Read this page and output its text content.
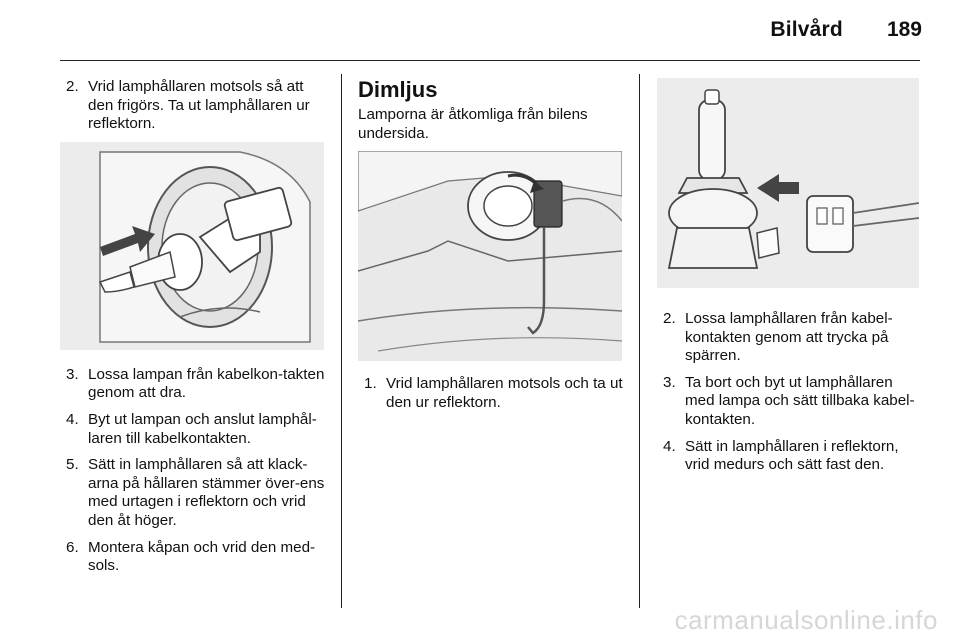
Bilvård 189
2. Vrid lamphållaren motsols så att den frigörs. Ta ut lamphållaren ur reflektorn.
3. Lossa lampan från kabelkon-takten genom att dra.
4. Byt ut lampan och anslut lamphål-laren till kabelkontakten.
5. Sätt in lamphållaren så att klack-arna på hållaren stämmer över-ens med urtagen i reflektorn och vrid den åt höger.
6. Montera kåpan och vrid den med-sols.
Dimljus
Lamporna är åtkomliga från bilens undersida.
1. Vrid lamphållaren motsols och ta ut den ur reflektorn.
2. Lossa lamphållaren från kabel-kontakten genom att trycka på spärren.
3. Ta bort och byt ut lamphållaren med lampa och sätt tillbaka kabel-kontakten.
4. Sätt in lamphållaren i reflektorn, vrid medurs och sätt fast den.
carmanualsonline.info
